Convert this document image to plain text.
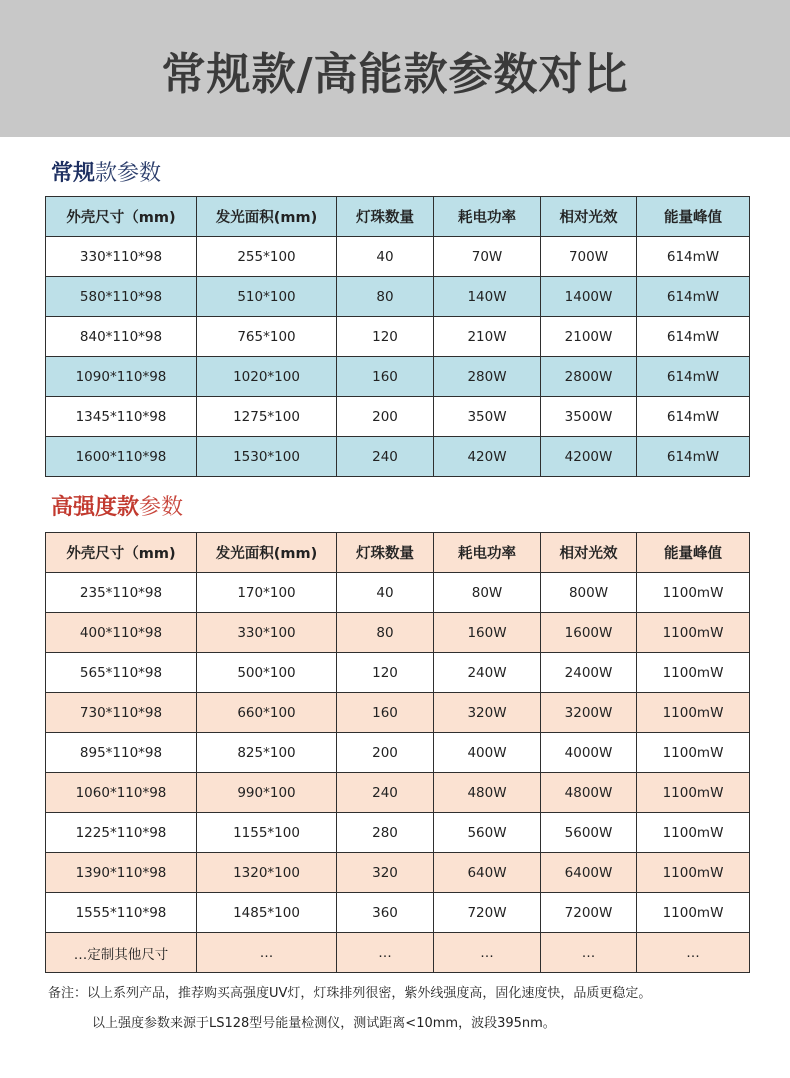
常规款/高能款参数对比
常规款参数
外壳尺寸（mm)	发光面积(mm)	灯珠数量	耗电功率	相对光效	能量峰值
330*110*98	255*100	40	70W	700W	614mW
580*110*98	510*100	80	140W	1400W	614mW
840*110*98	765*100	120	210W	2100W	614mW
1090*110*98	1020*100	160	280W	2800W	614mW
1345*110*98	1275*100	200	350W	3500W	614mW
1600*110*98	1530*100	240	420W	4200W	614mW
高强度款参数
外壳尺寸（mm)	发光面积(mm)	灯珠数量	耗电功率	相对光效	能量峰值
235*110*98	170*100	40	80W	800W	1100mW
400*110*98	330*100	80	160W	1600W	1100mW
565*110*98	500*100	120	240W	2400W	1100mW
730*110*98	660*100	160	320W	3200W	1100mW
895*110*98	825*100	200	400W	4000W	1100mW
1060*110*98	990*100	240	480W	4800W	1100mW
1225*110*98	1155*100	280	560W	5600W	1100mW
1390*110*98	1320*100	320	640W	6400W	1100mW
1555*110*98	1485*100	360	720W	7200W	1100mW
…定制其他尺寸	…	…	…	…	…
备注：以上系列产品，推荐购买高强度UV灯，灯珠排列很密，紫外线强度高，固化速度快，品质更稳定。
以上强度参数来源于LS128型号能量检测仪，测试距离<10mm，波段395nm。
